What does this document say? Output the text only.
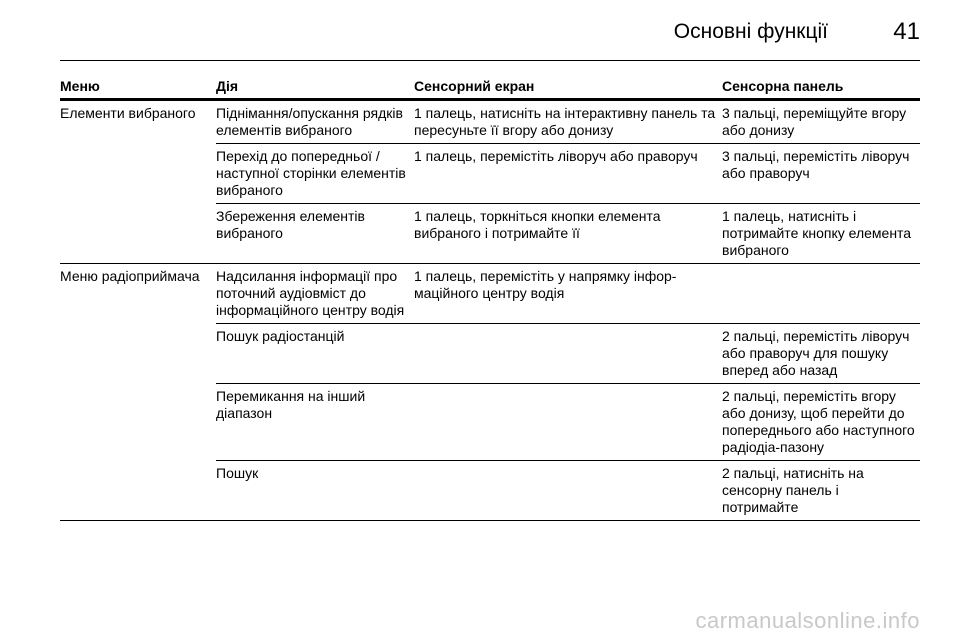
Основні функції	41
Меню	Дія	Сенсорний екран	Сенсорна панель
Елементи вибраного	Піднімання/опускання рядків елементів вибраного	1 палець, натисніть на інтерактивну панель та пересуньте її вгору або донизу	3 пальці, переміщуйте вгору або донизу
	Перехід до попередньої / наступної сторінки елементів вибраного	1 палець, перемістіть ліворуч або праворуч	3 пальці, перемістіть ліворуч або праворуч
	Збереження елементів вибраного	1 палець, торкніться кнопки елемента вибраного і потримайте її	1 палець, натисніть і потримайте кнопку елемента вибраного
Меню радіоприймача	Надсилання інформації про поточний аудіовміст до інформаційного центру водія	1 палець, перемістіть у напрямку інфор-маційного центру водія	
	Пошук радіостанцій		2 пальці, перемістіть ліворуч або праворуч для пошуку вперед або назад
	Перемикання на інший діапазон		2 пальці, перемістіть вгору або донизу, щоб перейти до попереднього або наступного радіодіа-пазону
	Пошук		2 пальці, натисніть на сенсорну панель і потримайте
carmanualsonline.info
